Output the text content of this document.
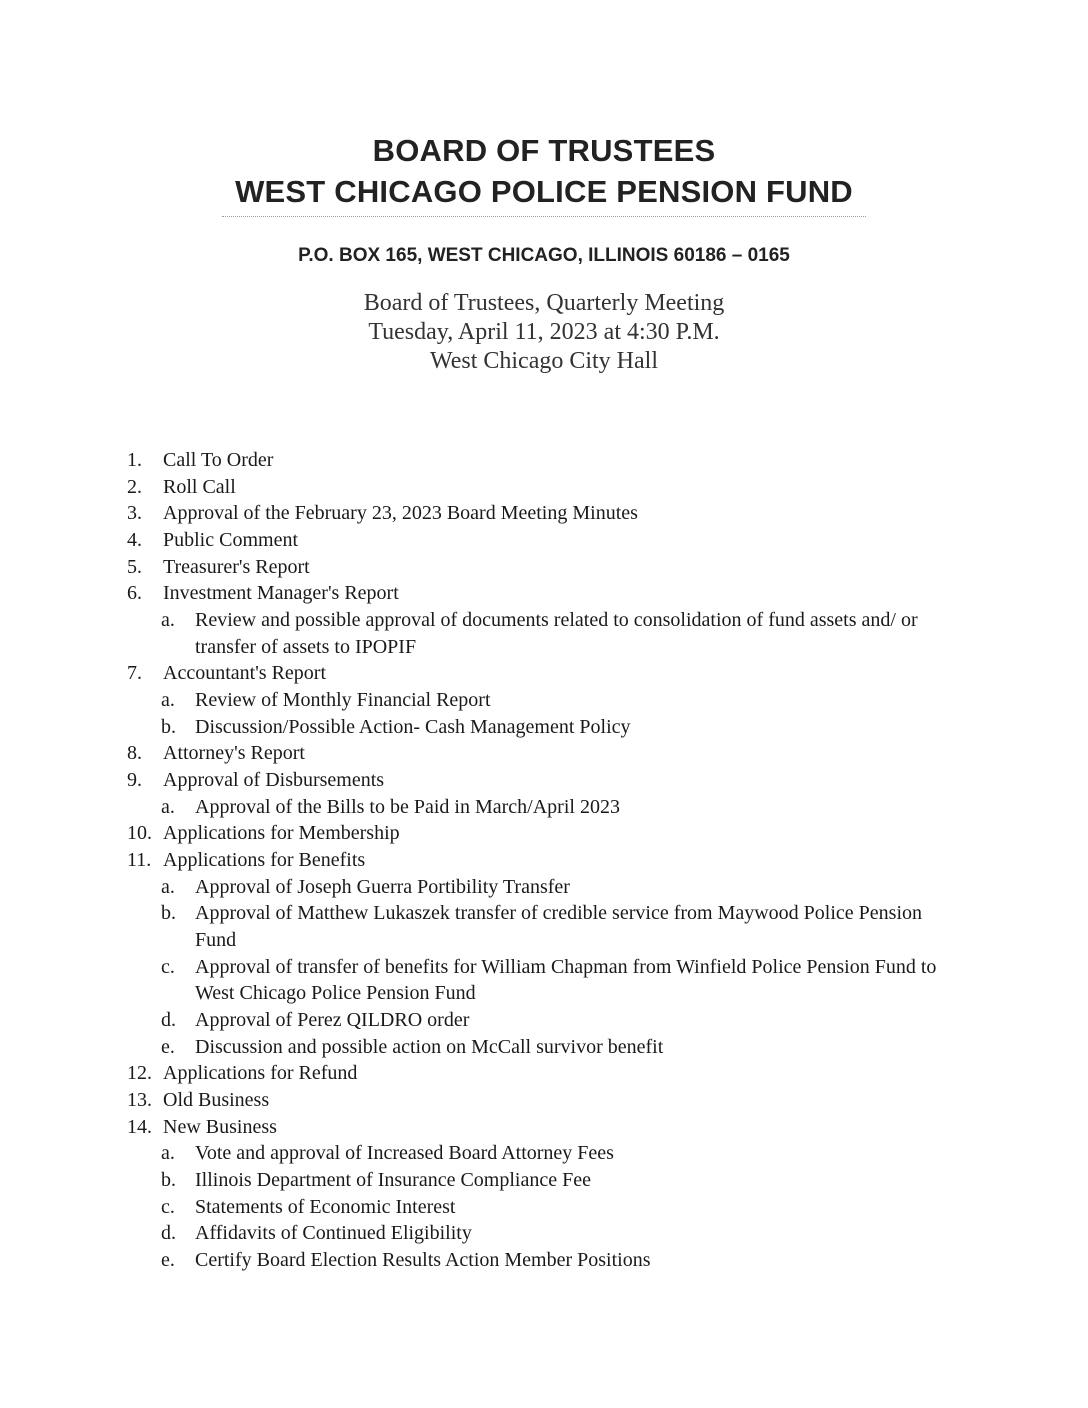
BOARD OF TRUSTEES
WEST CHICAGO POLICE PENSION FUND
P.O. BOX 165, WEST CHICAGO, ILLINOIS 60186 – 0165
Board of Trustees, Quarterly Meeting
Tuesday, April 11, 2023 at 4:30 P.M.
West Chicago City Hall
1. Call To Order
2. Roll Call
3. Approval of the February 23, 2023 Board Meeting Minutes
4. Public Comment
5. Treasurer's Report
6. Investment Manager's Report
a. Review and possible approval of documents related to consolidation of fund assets and/ or transfer of assets to IPOPIF
7. Accountant's Report
a. Review of Monthly Financial Report
b. Discussion/Possible Action- Cash Management Policy
8. Attorney's Report
9. Approval of Disbursements
a. Approval of the Bills to be Paid in March/April 2023
10. Applications for Membership
11. Applications for Benefits
a. Approval of Joseph Guerra Portibility Transfer
b. Approval of Matthew Lukaszek transfer of credible service from Maywood Police Pension Fund
c. Approval of transfer of benefits for William Chapman from Winfield Police Pension Fund to West Chicago Police Pension Fund
d. Approval of Perez QILDRO order
e. Discussion and possible action on McCall survivor benefit
12. Applications for Refund
13. Old Business
14. New Business
a. Vote and approval of Increased Board Attorney Fees
b. Illinois Department of Insurance Compliance Fee
c. Statements of Economic Interest
d. Affidavits of Continued Eligibility
e. Certify Board Election Results Action Member Positions
